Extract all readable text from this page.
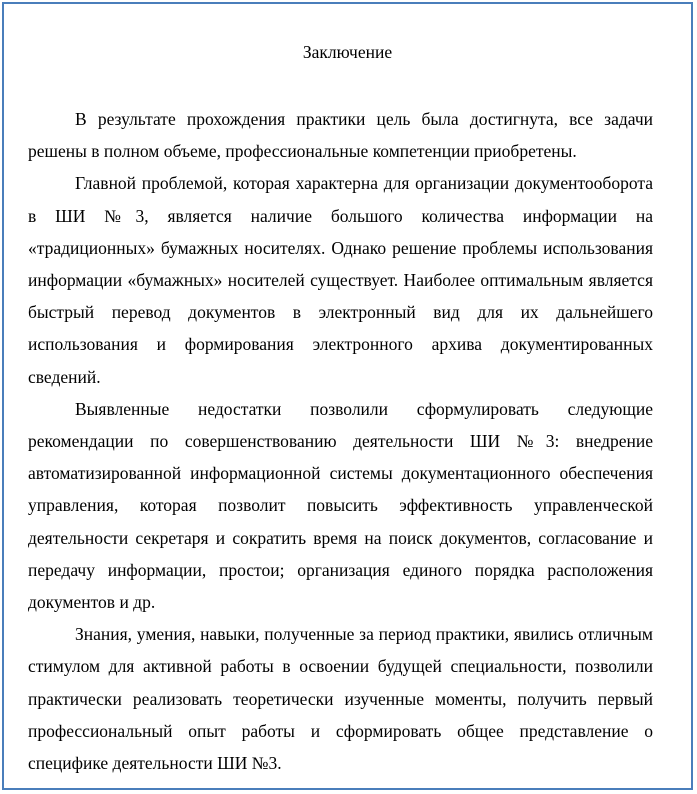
Заключение

В результате прохождения практики цель была достигнута, все задачи решены в полном объеме, профессиональные компетенции приобретены.

Главной проблемой, которая характерна для организации документооборота в ШИ №3, является наличие большого количества информации на «традиционных» бумажных носителях. Однако решение проблемы использования информации «бумажных» носителей существует. Наиболее оптимальным является быстрый перевод документов в электронный вид для их дальнейшего использования и формирования электронного архива документированных сведений.

Выявленные недостатки позволили сформулировать следующие рекомендации по совершенствованию деятельности ШИ №3: внедрение автоматизированной информационной системы документационного обеспечения управления, которая позволит повысить эффективность управленческой деятельности секретаря и сократить время на поиск документов, согласование и передачу информации, простои; организация единого порядка расположения документов и др.

Знания, умения, навыки, полученные за период практики, явились отличным стимулом для активной работы в освоении будущей специальности, позволили практически реализовать теоретически изученные моменты, получить первый профессиональный опыт работы и сформировать общее представление о специфике деятельности ШИ №3.
